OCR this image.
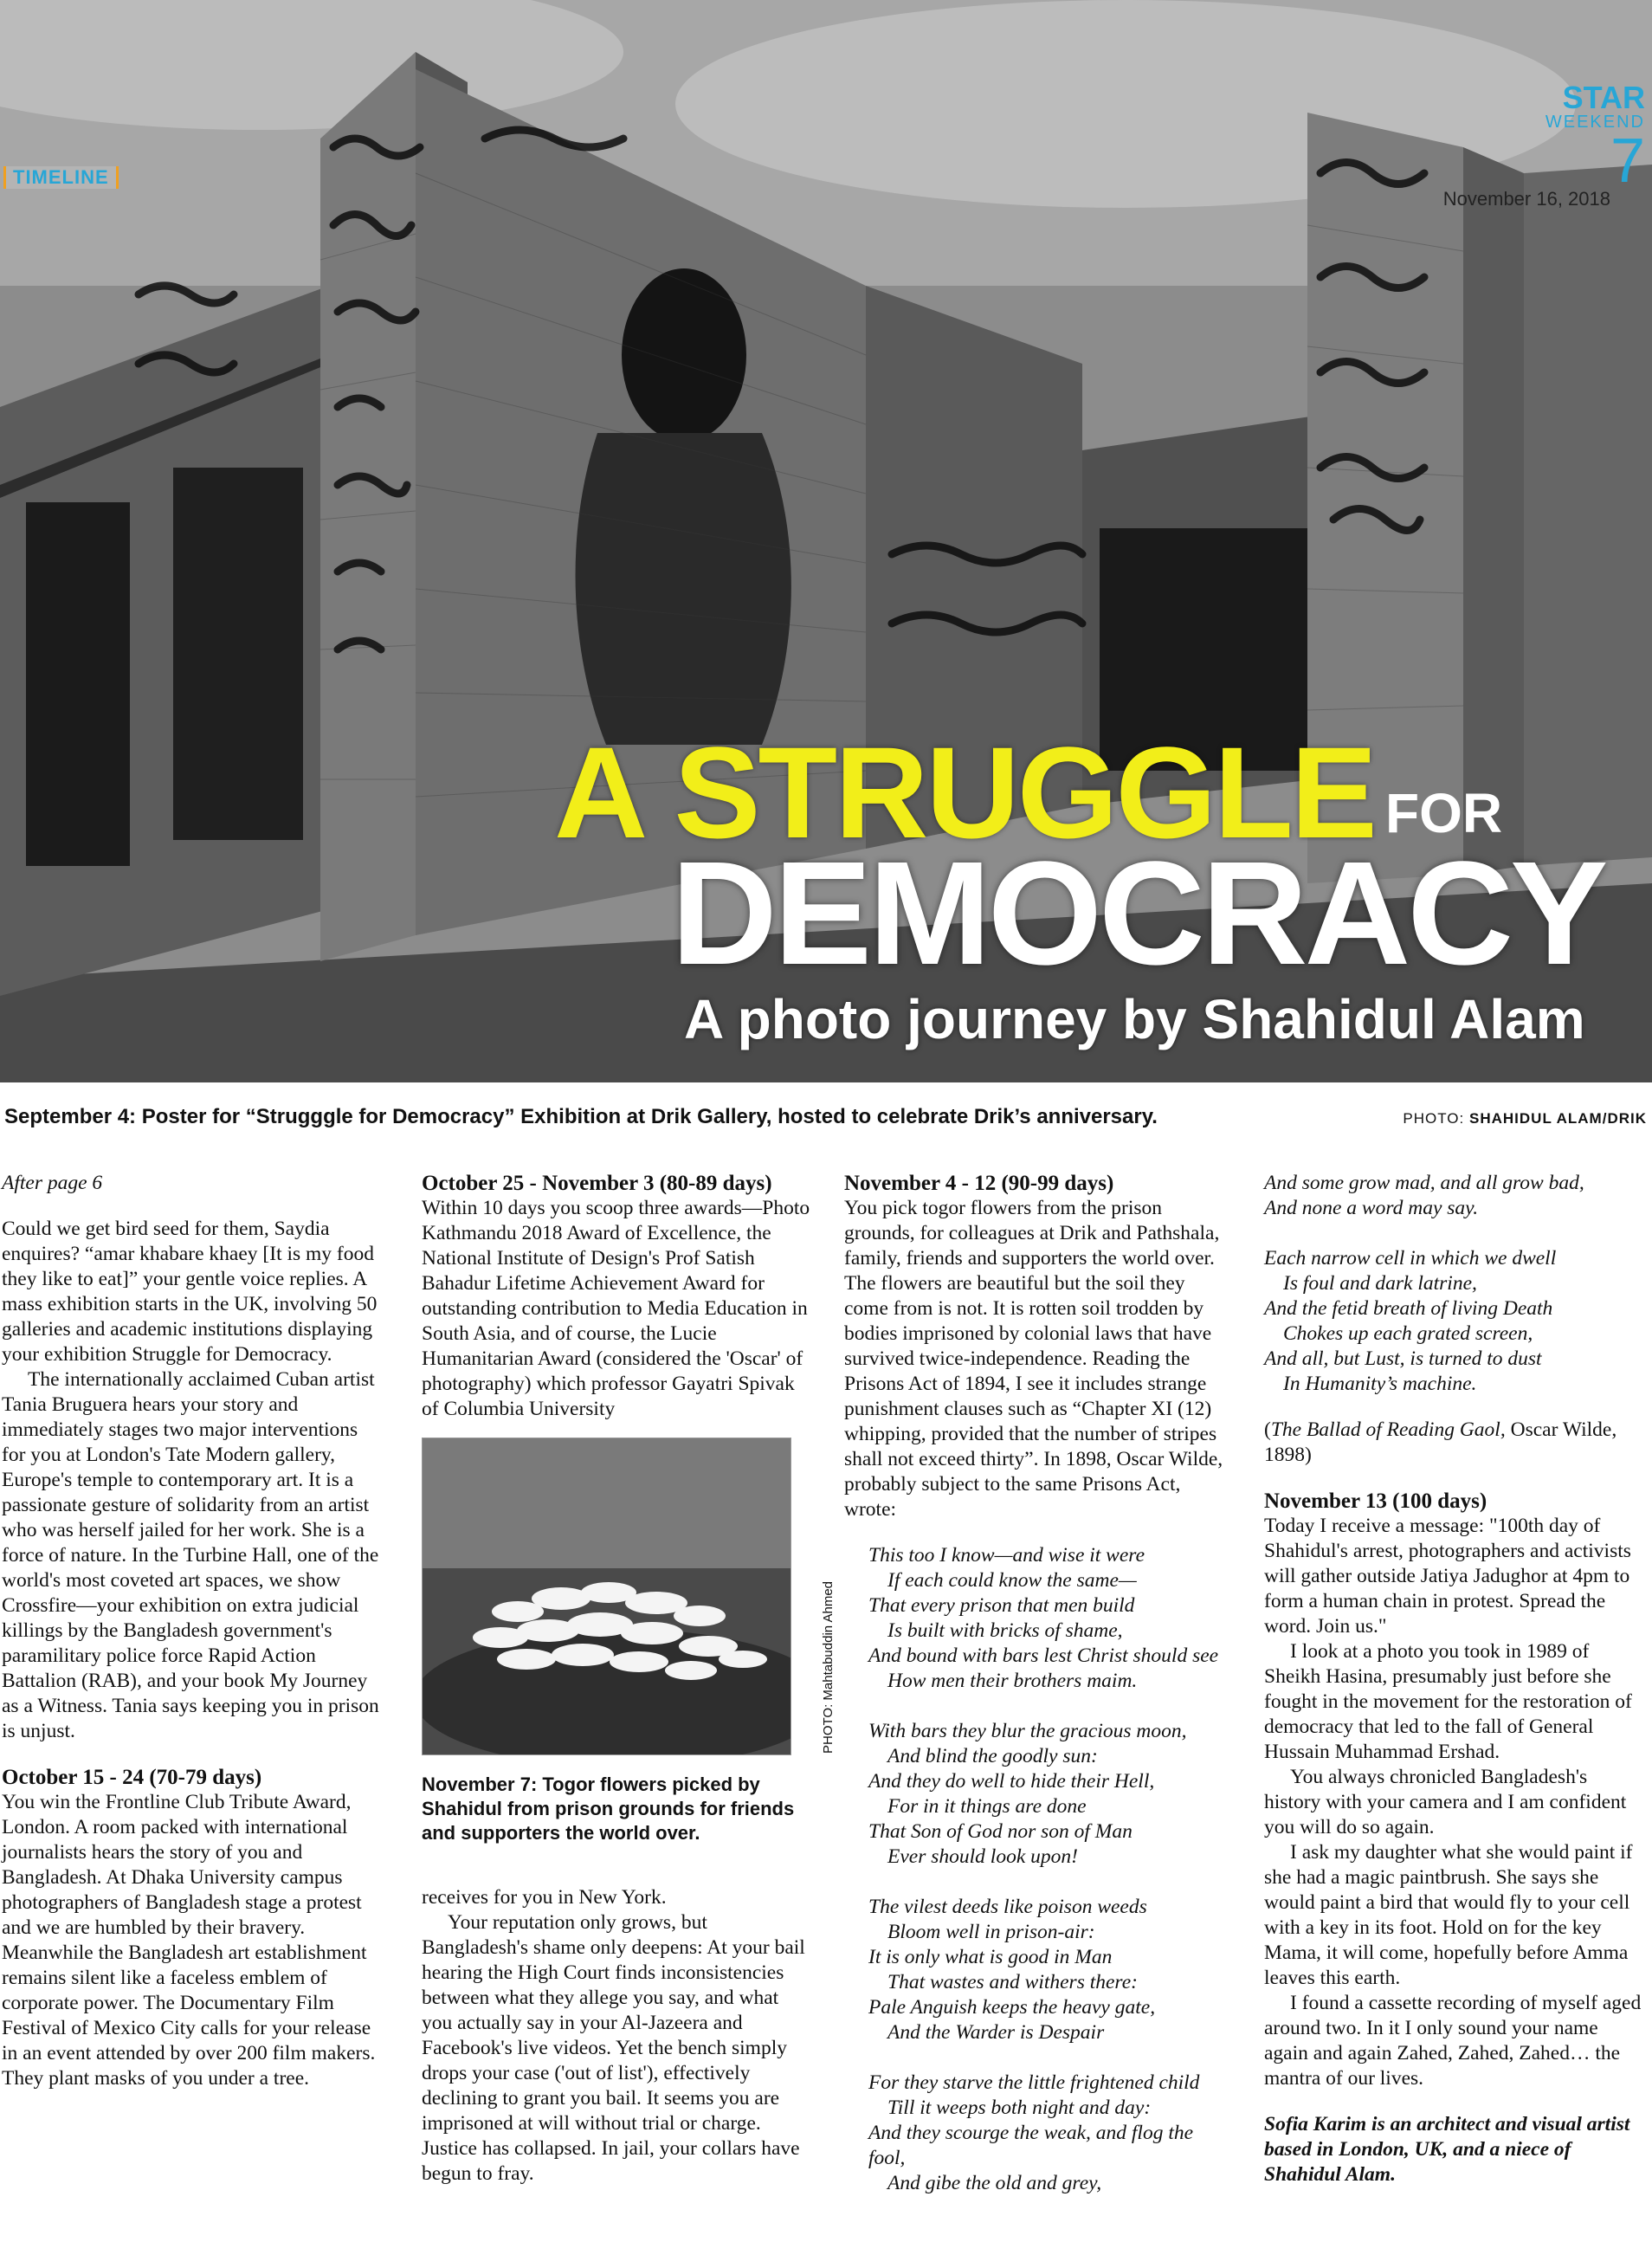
TIMELINE
STAR
WEEKEND
7
November 16, 2018
A STRUGGLE FOR
DEMOCRACY
A photo journey by Shahidul Alam
September 4: Poster for “Strugggle for Democracy” Exhibition at Drik Gallery, hosted to celebrate Drik’s anniversary.	PHOTO: SHAHIDUL ALAM/DRIK

After page 6

Could we get bird seed for them, Saydia enquires? “amar khabare khaey [It is my food they like to eat]” your gentle voice replies. A mass exhibition starts in the UK, involving 50 galleries and academic institutions displaying your exhibition Struggle for Democracy.

The internationally acclaimed Cuban artist Tania Bruguera hears your story and immediately stages two major interventions for you at London's Tate Modern gallery, Europe's temple to contemporary art. It is a passionate gesture of solidarity from an artist who was herself jailed for her work. She is a force of nature. In the Turbine Hall, one of the world's most coveted art spaces, we show Crossfire—your exhibition on extra judicial killings by the Bangladesh government's paramilitary police force Rapid Action Battalion (RAB), and your book My Journey as a Witness. Tania says keeping you in prison is unjust.

October 15 - 24 (70-79 days)

You win the Frontline Club Tribute Award, London. A room packed with international journalists hears the story of you and Bangladesh. At Dhaka University campus photographers of Bangladesh stage a protest and we are humbled by their bravery. Meanwhile the Bangladesh art establishment remains silent like a faceless emblem of corporate power. The Documentary Film Festival of Mexico City calls for your release in an event attended by over 200 film makers. They plant masks of you under a tree.

October 25 - November 3 (80-89 days)

Within 10 days you scoop three awards—Photo Kathmandu 2018 Award of Excellence, the National Institute of Design's Prof Satish Bahadur Lifetime Achievement Award for outstanding contribution to Media Education in South Asia, and of course, the Lucie Humanitarian Award (considered the 'Oscar' of photography) which professor Gayatri Spivak of Columbia University

PHOTO: Mahtabuddin Ahmed

November 7: Togor flowers picked by Shahidul from prison grounds for friends and supporters the world over.

receives for you in New York.

Your reputation only grows, but Bangladesh's shame only deepens: At your bail hearing the High Court finds inconsistencies between what they allege you say, and what you actually say in your Al-Jazeera and Facebook's live videos. Yet the bench simply drops your case ('out of list'), effectively declining to grant you bail. It seems you are imprisoned at will without trial or charge. Justice has collapsed. In jail, your collars have begun to fray.

November 4 - 12 (90-99 days)

You pick togor flowers from the prison grounds, for colleagues at Drik and Pathshala, family, friends and supporters the world over. The flowers are beautiful but the soil they come from is not. It is rotten soil trodden by bodies imprisoned by colonial laws that have survived twice-independence. Reading the Prisons Act of 1894, I see it includes strange punishment clauses such as “Chapter XI (12) whipping, provided that the number of stripes shall not exceed thirty”. In 1898, Oscar Wilde, probably subject to the same Prisons Act, wrote:

This too I know—and wise it were

If each could know the same—

That every prison that men build

Is built with bricks of shame,

And bound with bars lest Christ should see

How men their brothers maim.

With bars they blur the gracious moon,

And blind the goodly sun:

And they do well to hide their Hell,

For in it things are done

That Son of God nor son of Man

Ever should look upon!

The vilest deeds like poison weeds

Bloom well in prison-air:

It is only what is good in Man

That wastes and withers there:

Pale Anguish keeps the heavy gate,

And the Warder is Despair

For they starve the little frightened child

Till it weeps both night and day:

And they scourge the weak, and flog the fool,

And gibe the old and grey,

And some grow mad, and all grow bad,

And none a word may say.

Each narrow cell in which we dwell

Is foul and dark latrine,

And the fetid breath of living Death

Chokes up each grated screen,

And all, but Lust, is turned to dust

In Humanity’s machine.

(The Ballad of Reading Gaol, Oscar Wilde, 1898)

November 13 (100 days)

Today I receive a message: "100th day of Shahidul's arrest, photographers and activists will gather outside Jatiya Jadughor at 4pm to form a human chain in protest. Spread the word. Join us."

I look at a photo you took in 1989 of Sheikh Hasina, presumably just before she fought in the movement for the restoration of democracy that led to the fall of General Hussain Muhammad Ershad.

You always chronicled Bangladesh's history with your camera and I am confident you will do so again.

I ask my daughter what she would paint if she had a magic paintbrush. She says she would paint a bird that would fly to your cell with a key in its foot. Hold on for the key Mama, it will come, hopefully before Amma leaves this earth.

I found a cassette recording of myself aged around two. In it I only sound your name again and again Zahed, Zahed, Zahed… the mantra of our lives.

Sofia Karim is an architect and visual artist based in London, UK, and a niece of Shahidul Alam.
